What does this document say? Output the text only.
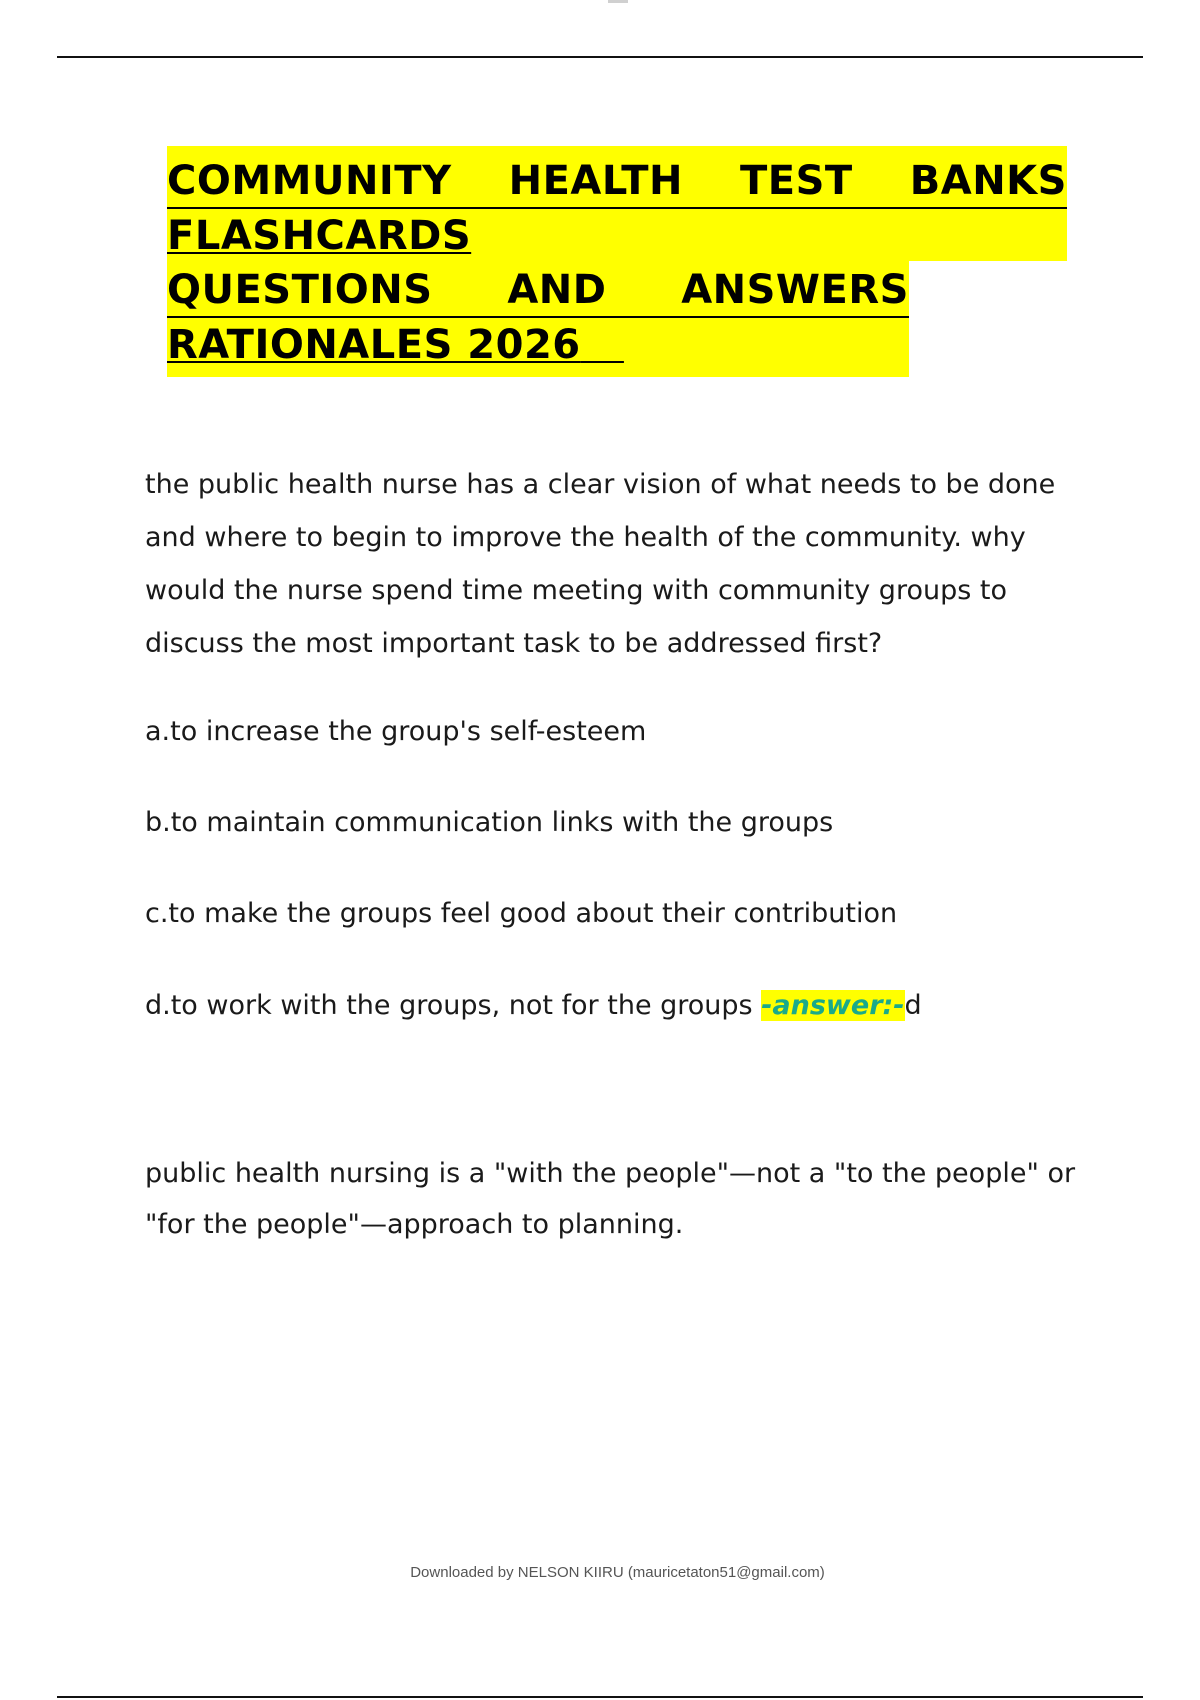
COMMUNITY HEALTH TEST BANKS
FLASHCARDS
QUESTIONS AND ANSWERS
RATIONALES 2026
the public health nurse has a clear vision of what needs to be done and where to begin to improve the health of the community. why would the nurse spend time meeting with community groups to discuss the most important task to be addressed first?
a.to increase the group's self-esteem
b.to maintain communication links with the groups
c.to make the groups feel good about their contribution
d.to work with the groups, not for the groups -answer:-d
public health nursing is a "with the people"—not a "to the people" or "for the people"—approach to planning.
Downloaded by NELSON KIIRU (mauricetaton51@gmail.com)
